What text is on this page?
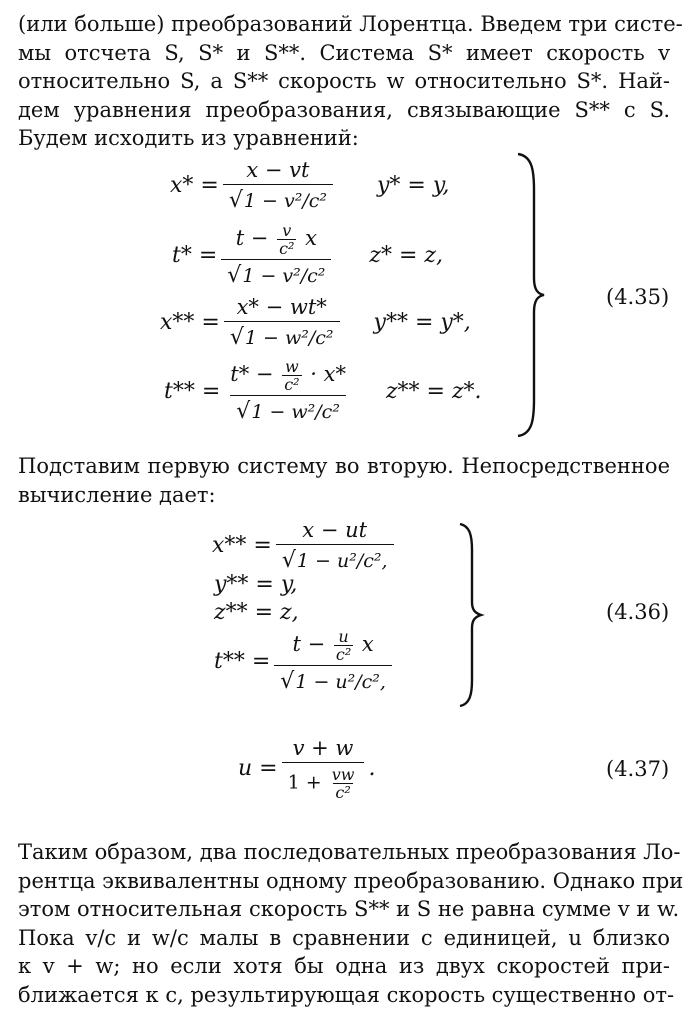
(или больше) преобразований Лорентца. Введем три систе-
мы отсчета S, S* и S**. Система S* имеет скорость v
относительно S, а S** скорость w относительно S*. Най-
дем уравнения преобразования, связывающие S** с S.
Будем исходить из уравнений:
$x* = \frac{x - vt}{\text{√1 − v²/c²}} y* = y$,
$t* = \frac{t - \frac{v}{\text{c²}} x}{\text{√1 − v²/c²}} z* = z$,
$x** = \frac{x* - wt*}{\text{√1 − w²/c²}} y** = y*$,
$t** = \frac{t* - \frac{w}{\text{c²}} \cdot x*}{\text{√1 − w²/c²}} z** = z*$.
(4.35)
Подставим первую систему во вторую. Непосредственное
вычисление дает:
$x** = \frac{x - ut}{\text{√1 − u²/c²,}}$
y** = y,
z** = z,
$t** = \frac{t - \frac{u}{\text{c²}} x}{\text{√1 − u²/c²,}}$
(4.36)
$u = \frac{v + w}{1 + \frac{vw}{\text{c²}}}$ .	(4.37)
Таким образом, два последовательных преобразования Ло-
рентца эквивалентны одному преобразованию. Однако при
этом относительная скорость S** и S не равна сумме v и w.
Пока v/c и w/c малы в сравнении с единицей, u близко
к v + w; но если хотя бы одна из двух скоростей при-
ближается к c, результирующая скорость существенно от-
